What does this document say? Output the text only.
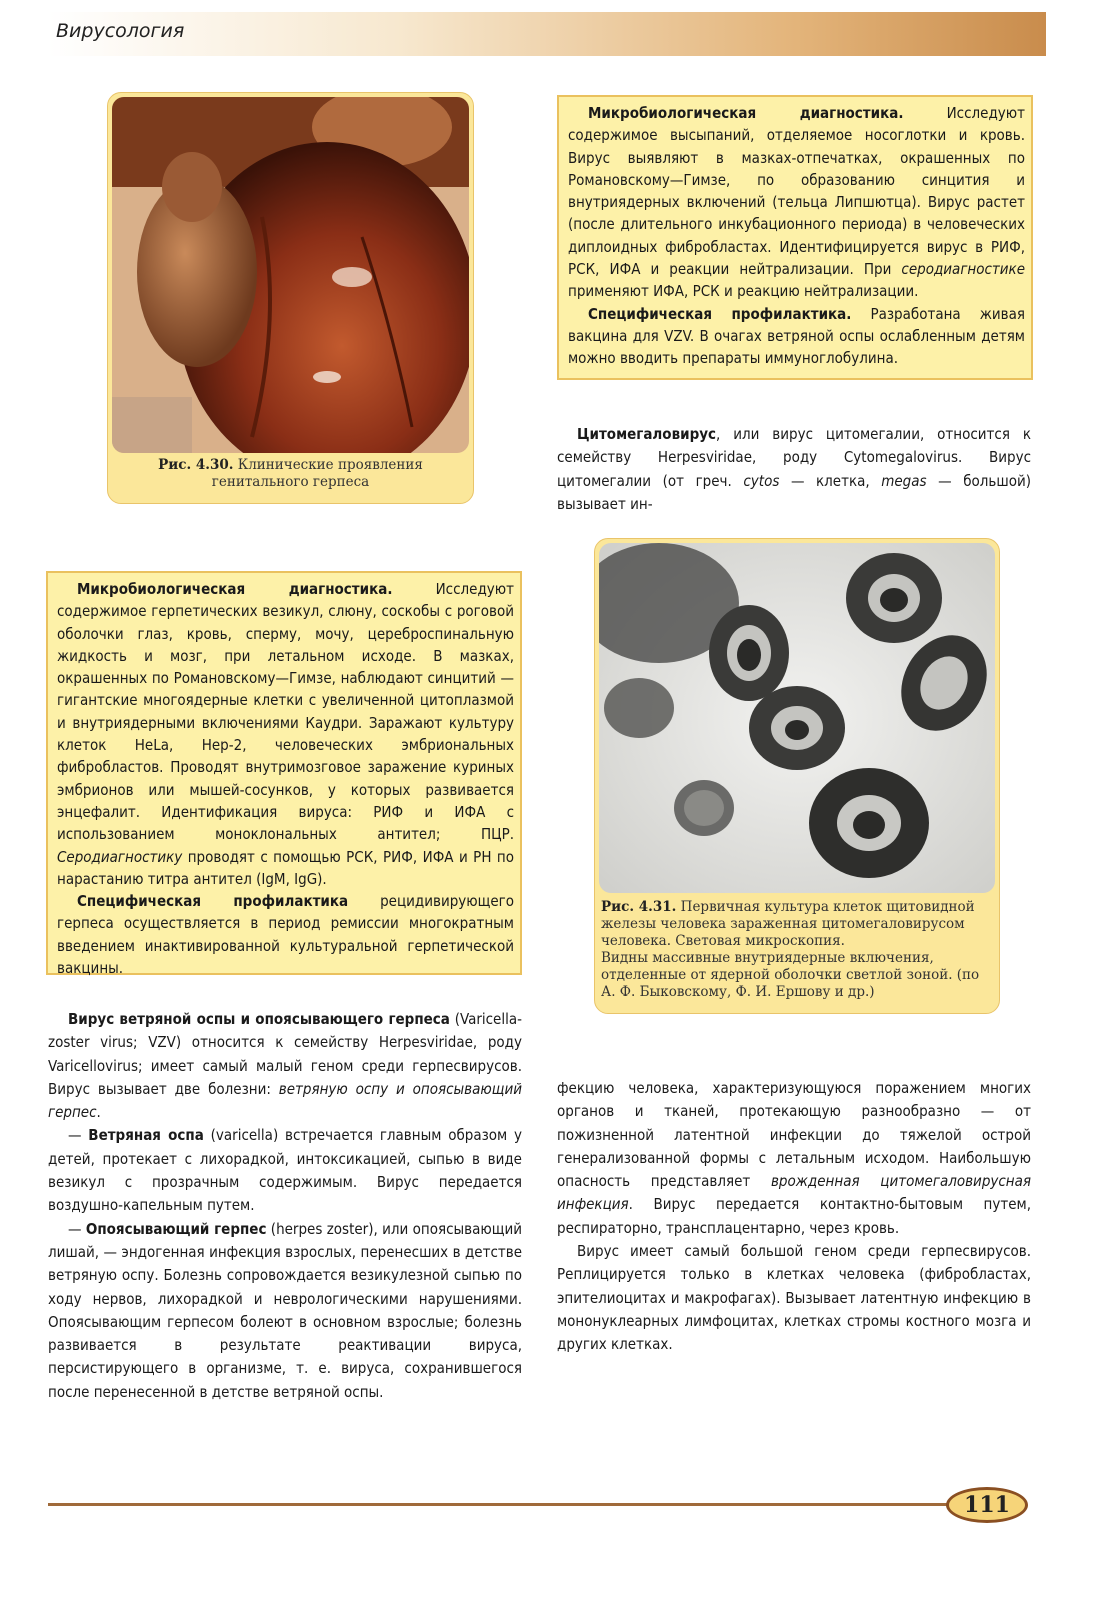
Вирусология
Рис. 4.30. Клинические проявления генитального герпеса

Микробиологическая диагностика. Исследуют содержимое высыпаний, отделяемое носоглотки и кровь. Вирус выявляют в мазках-отпечатках, окрашенных по Романовскому—Гимзе, по образованию синцития и внутриядерных включений (тельца Липшютца). Вирус растет (после длительного инкубационного периода) в человеческих диплоидных фибробластах. Идентифицируется вирус в РИФ, РСК, ИФА и реакции нейтрализации. При серодиагностике применяют ИФА, РСК и реакцию нейтрализации.

Специфическая профилактика. Разработана живая вакцина для VZV. В очагах ветряной оспы ослабленным детям можно вводить препараты иммуноглобулина.

Цитомегаловирус, или вирус цитомегалии, относится к семейству Herpesviridae, роду Cytomegalovirus. Вирус цитомегалии (от греч. cytos — клетка, megas — большой) вызывает ин-

Рис. 4.31. Первичная культура клеток щитовидной железы человека зараженная цитомегаловирусом человека. Световая микроскопия.
Видны массивные внутриядерные включения, отделенные от ядерной оболочки светлой зоной. (по А. Ф. Быковскому, Ф. И. Ершову и др.)

Микробиологическая диагностика. Исследуют содержимое герпетических везикул, слюну, соскобы с роговой оболочки глаз, кровь, сперму, мочу, цереброспинальную жидкость и мозг, при летальном исходе. В мазках, окрашенных по Романовскому—Гимзе, наблюдают синцитий — гигантские многоядерные клетки с увеличенной цитоплазмой и внутриядерными включениями Каудри. Заражают культуру клеток HeLa, Hep-2, человеческих эмбриональных фибробластов. Проводят внутримозговое заражение куриных эмбрионов или мышей-сосунков, у которых развивается энцефалит. Идентификация вируса: РИФ и ИФА с использованием моноклональных антител; ПЦР. Серодиагностику проводят с помощью РСК, РИФ, ИФА и РН по нарастанию титра антител (IgM, IgG).

Специфическая профилактика рецидивирующего герпеса осуществляется в период ремиссии многократным введением инактивированной культуральной герпетической вакцины.

Вирус ветряной оспы и опоясывающего герпеса (Varicella-zoster virus; VZV) относится к семейству Herpesviridae, роду Varicellovirus; имеет самый малый геном среди герпесвирусов. Вирус вызывает две болезни: ветряную оспу и опоясывающий герпес.

— Ветряная оспа (varicella) встречается главным образом у детей, протекает с лихорадкой, интоксикацией, сыпью в виде везикул с прозрачным содержимым. Вирус передается воздушно-капельным путем.

— Опоясывающий герпес (herpes zoster), или опоясывающий лишай, — эндогенная инфекция взрослых, перенесших в детстве ветряную оспу. Болезнь сопровождается везикулезной сыпью по ходу нервов, лихорадкой и неврологическими нарушениями. Опоясывающим герпесом болеют в основном взрослые; болезнь развивается в результате реактивации вируса, персистирующего в организме, т. е. вируса, сохранившегося после перенесенной в детстве ветряной оспы.

фекцию человека, характеризующуюся поражением многих органов и тканей, протекающую разнообразно — от пожизненной латентной инфекции до тяжелой острой генерализованной формы с летальным исходом. Наибольшую опасность представляет врожденная цитомегаловирусная инфекция. Вирус передается контактно-бытовым путем, респираторно, трансплацентарно, через кровь.

Вирус имеет самый большой геном среди герпесвирусов. Реплицируется только в клетках человека (фибробластах, эпителиоцитах и макрофагах). Вызывает латентную инфекцию в мононуклеарных лимфоцитах, клетках стромы костного мозга и других клетках.

111
